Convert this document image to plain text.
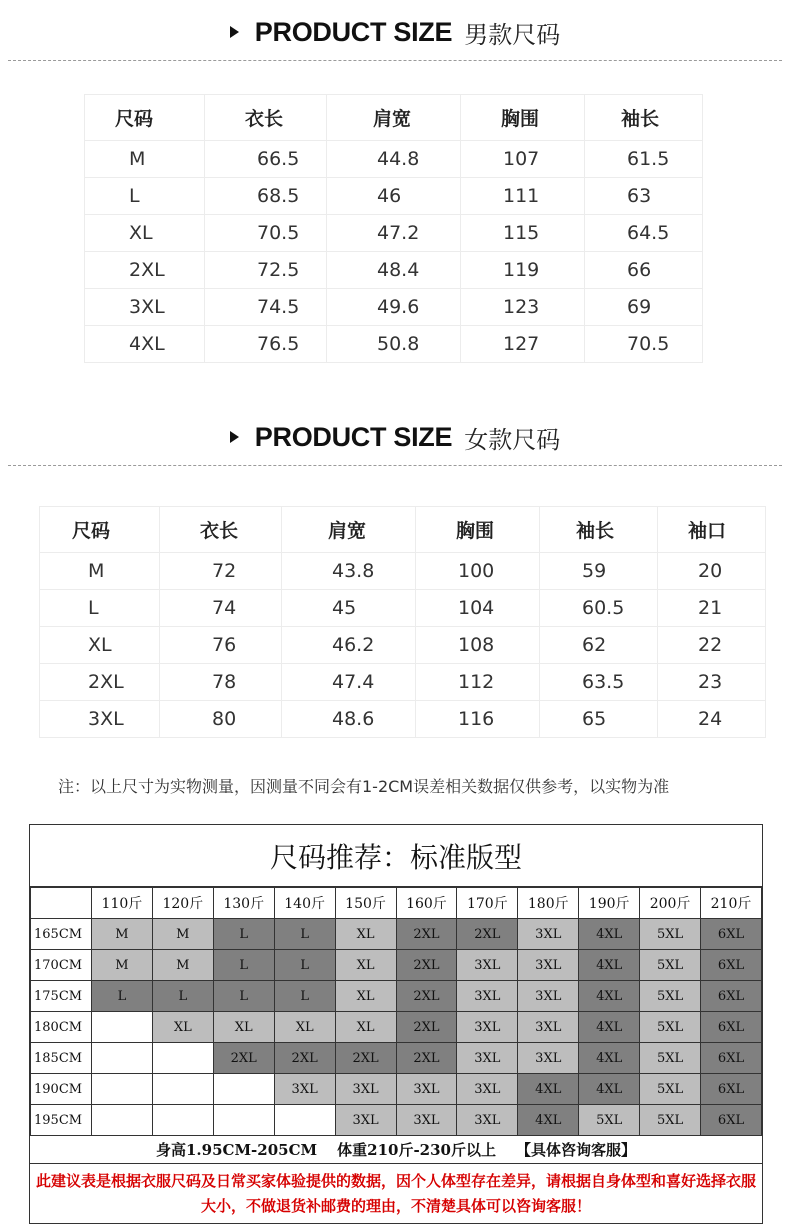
PRODUCT SIZE 男款尺码
尺码	衣长	肩宽	胸围	袖长
M	66.5	44.8	107	61.5
L	68.5	46	111	63
XL	70.5	47.2	115	64.5
2XL	72.5	48.4	119	66
3XL	74.5	49.6	123	69
4XL	76.5	50.8	127	70.5
PRODUCT SIZE 女款尺码
尺码	衣长	肩宽	胸围	袖长	袖口
M	72	43.8	100	59	20
L	74	45	104	60.5	21
XL	76	46.2	108	62	22
2XL	78	47.4	112	63.5	23
3XL	80	48.6	116	65	24
注：以上尺寸为实物测量，因测量不同会有1-2CM误差相关数据仅供参考，以实物为准
尺码推荐：标准版型
	110斤	120斤	130斤	140斤	150斤	160斤	170斤	180斤	190斤	200斤	210斤
165CM	M	M	L	L	XL	2XL	2XL	3XL	4XL	5XL	6XL
170CM	M	M	L	L	XL	2XL	3XL	3XL	4XL	5XL	6XL
175CM	L	L	L	L	XL	2XL	3XL	3XL	4XL	5XL	6XL
180CM		XL	XL	XL	XL	2XL	3XL	3XL	4XL	5XL	6XL
185CM			2XL	2XL	2XL	2XL	3XL	3XL	4XL	5XL	6XL
190CM				3XL	3XL	3XL	3XL	4XL	4XL	5XL	6XL
195CM					3XL	3XL	3XL	4XL	5XL	5XL	6XL
身高1.95CM-205CM 体重210斤-230斤以上 【具体咨询客服】
此建议表是根据衣服尺码及日常买家体验提供的数据，因个人体型存在差异，请根据自身体型和喜好选择衣服大小，不做退货补邮费的理由，不清楚具体可以咨询客服！
